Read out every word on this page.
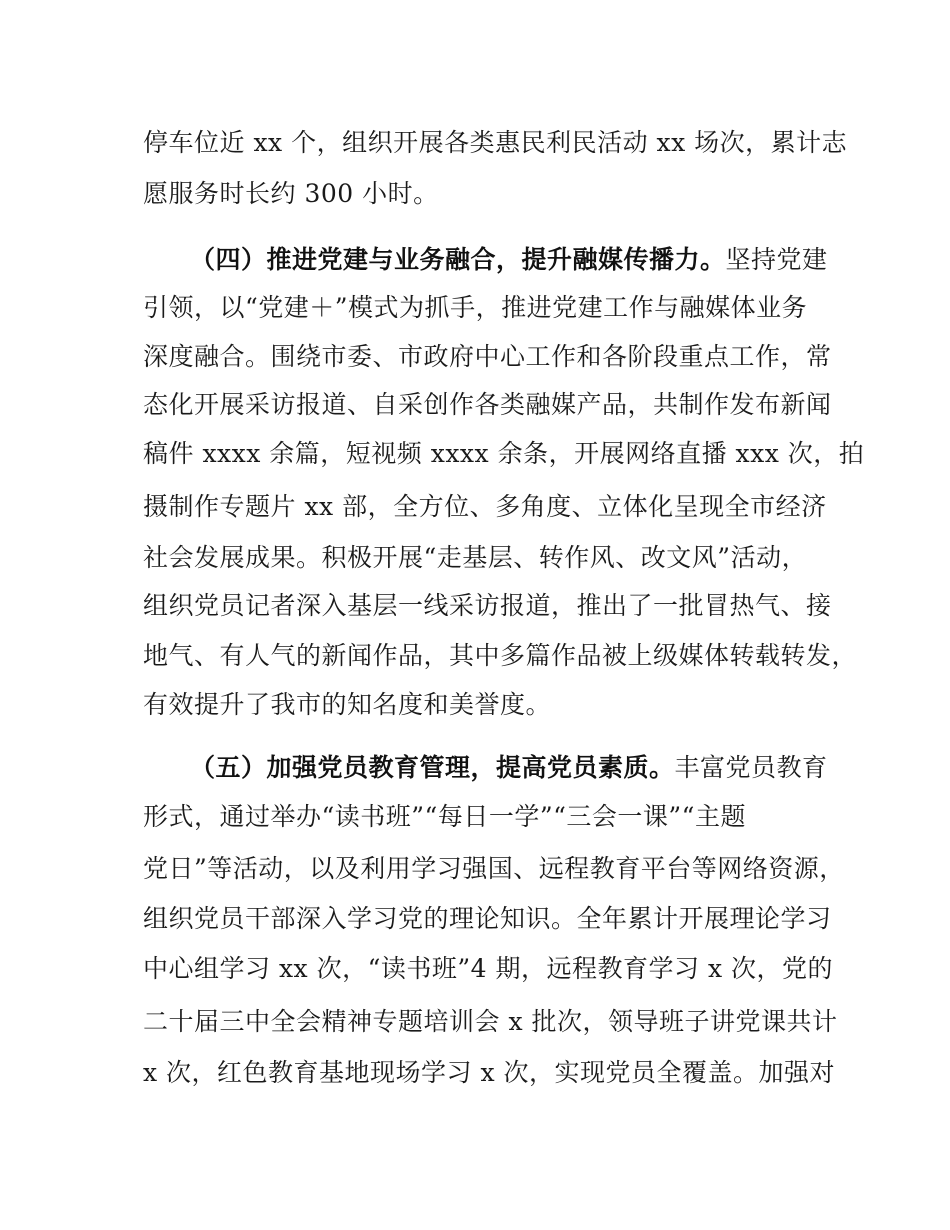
停车位近 xx 个，组织开展各类惠民利民活动 xx 场次，累计志
愿服务时长约 300 小时。
（四）推进党建与业务融合，提升融媒传播力。坚持党建
引领，以“党建＋”模式为抓手，推进党建工作与融媒体业务
深度融合。围绕市委、市政府中心工作和各阶段重点工作，常
态化开展采访报道、自采创作各类融媒产品，共制作发布新闻
稿件 xxxx 余篇，短视频 xxxx 余条，开展网络直播 xxx 次，拍
摄制作专题片 xx 部，全方位、多角度、立体化呈现全市经济
社会发展成果。积极开展“走基层、转作风、改文风”活动，
组织党员记者深入基层一线采访报道，推出了一批冒热气、接
地气、有人气的新闻作品，其中多篇作品被上级媒体转载转发，
有效提升了我市的知名度和美誉度。
（五）加强党员教育管理，提高党员素质。丰富党员教育
形式，通过举办“读书班”“每日一学”“三会一课”“主题
党日”等活动，以及利用学习强国、远程教育平台等网络资源，
组织党员干部深入学习党的理论知识。全年累计开展理论学习
中心组学习 xx 次，“读书班”4 期，远程教育学习 x 次，党的
二十届三中全会精神专题培训会 x 批次，领导班子讲党课共计
x 次，红色教育基地现场学习 x 次，实现党员全覆盖。加强对
